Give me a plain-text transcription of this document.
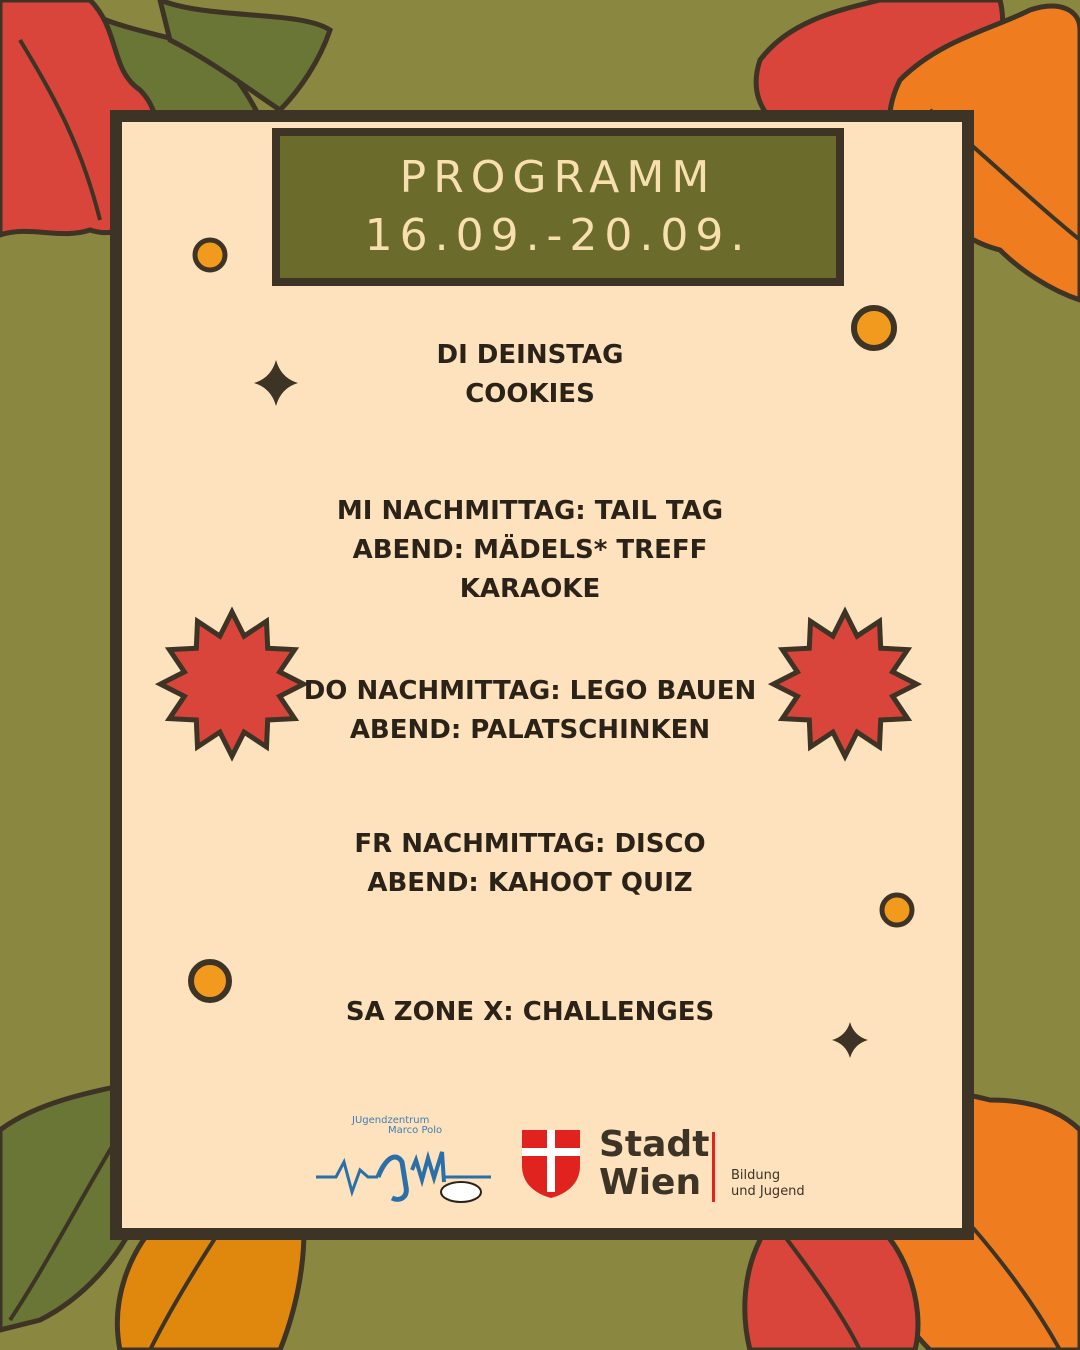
PROGRAMM
16.09.-20.09.
DI DEINSTAG
COOKIES
MI NACHMITTAG: TAIL TAG
ABEND: MÄDELS* TREFF
KARAOKE
DO NACHMITTAG: LEGO BAUEN
ABEND: PALATSCHINKEN
FR NACHMITTAG: DISCO
ABEND: KAHOOT QUIZ
SA ZONE X: CHALLENGES
JUgendzentrum
Marco Polo	Stadt
Wien	Bildung
und Jugend
